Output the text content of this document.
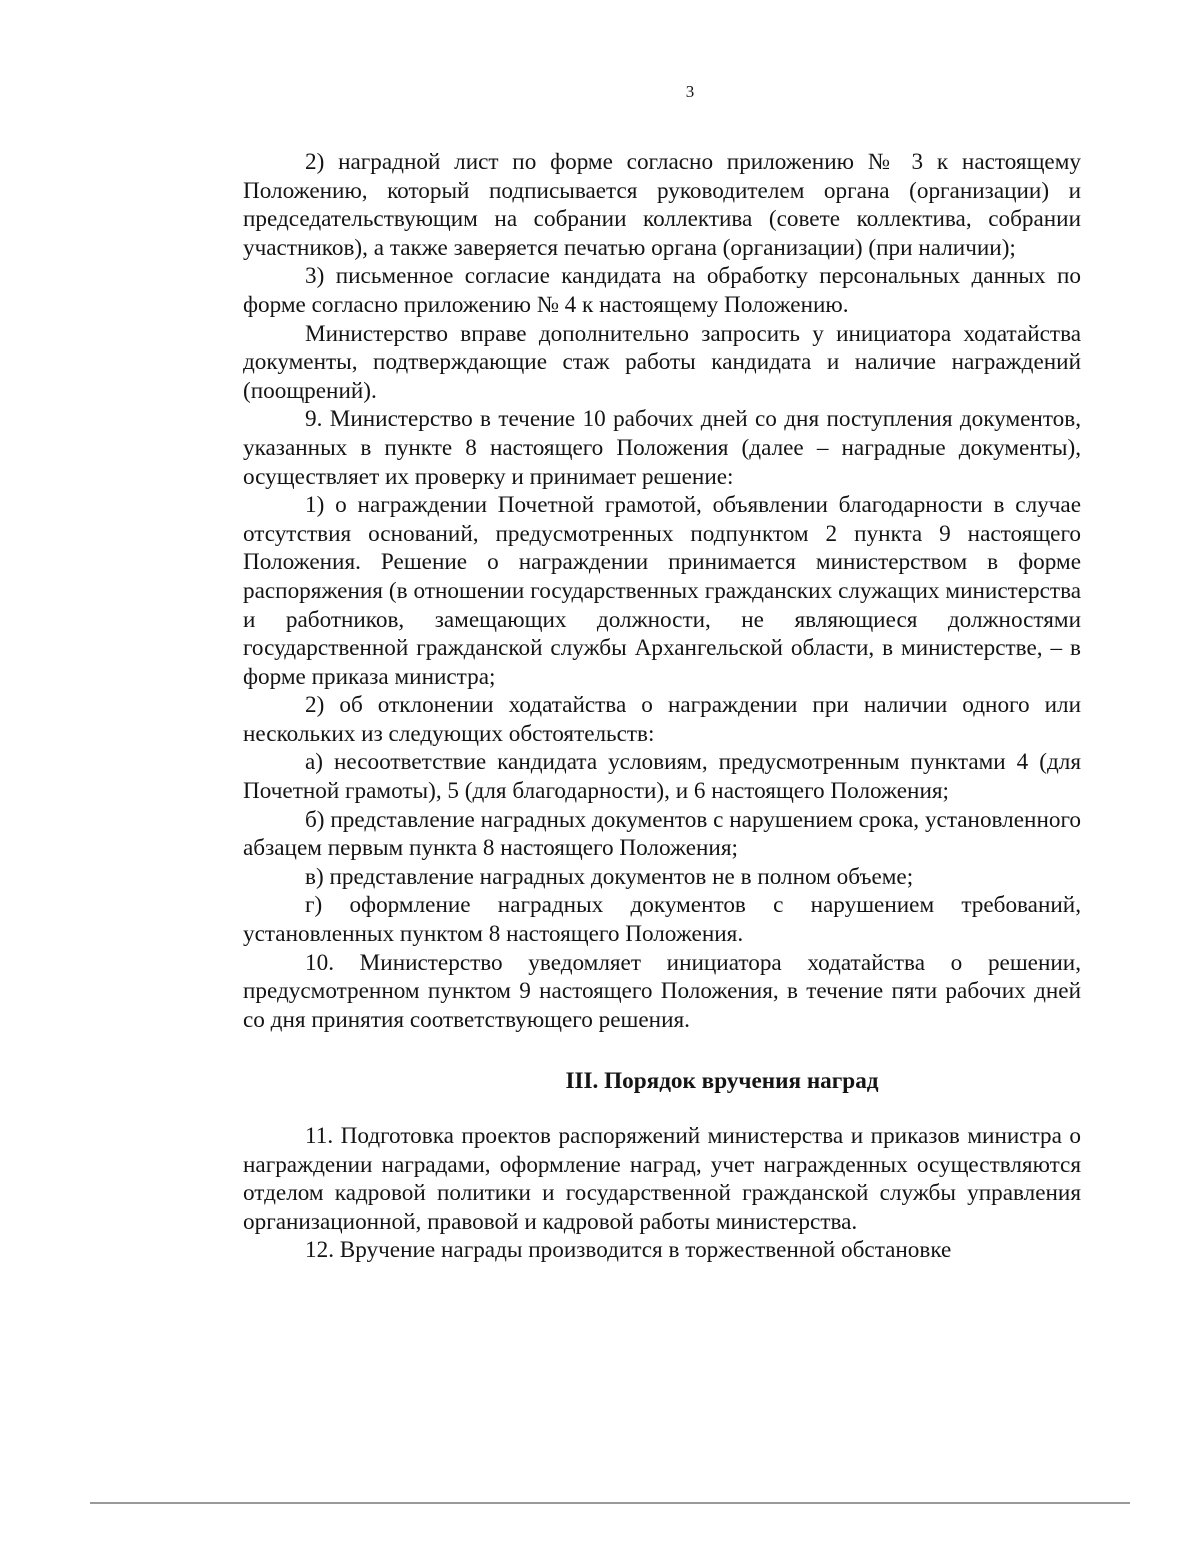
3

2) наградной лист по форме согласно приложению № 3 к настоящему Положению, который подписывается руководителем органа (организации) и председательствующим на собрании коллектива (совете коллектива, собрании участников), а также заверяется печатью органа (организации) (при наличии);

3) письменное согласие кандидата на обработку персональных данных по форме согласно приложению № 4 к настоящему Положению.

Министерство вправе дополнительно запросить у инициатора ходатайства документы, подтверждающие стаж работы кандидата и наличие награждений (поощрений).

9. Министерство в течение 10 рабочих дней со дня поступления документов, указанных в пункте 8 настоящего Положения (далее – наградные документы), осуществляет их проверку и принимает решение:

1) о награждении Почетной грамотой, объявлении благодарности в случае отсутствия оснований, предусмотренных подпунктом 2 пункта 9 настоящего Положения. Решение о награждении принимается министерством в форме распоряжения (в отношении государственных гражданских служащих министерства и работников, замещающих должности, не являющиеся должностями государственной гражданской службы Архангельской области, в министерстве, – в форме приказа министра;

2) об отклонении ходатайства о награждении при наличии одного или нескольких из следующих обстоятельств:

а) несоответствие кандидата условиям, предусмотренным пунктами 4 (для Почетной грамоты), 5 (для благодарности), и 6 настоящего Положения;

б) представление наградных документов с нарушением срока, установленного абзацем первым пункта 8 настоящего Положения;

в) представление наградных документов не в полном объеме;

г) оформление наградных документов с нарушением требований, установленных пунктом 8 настоящего Положения.

10. Министерство уведомляет инициатора ходатайства о решении, предусмотренном пунктом 9 настоящего Положения, в течение пяти рабочих дней со дня принятия соответствующего решения.

III. Порядок вручения наград

11. Подготовка проектов распоряжений министерства и приказов министра о награждении наградами, оформление наград, учет награжденных осуществляются отделом кадровой политики и государственной гражданской службы управления организационной, правовой и кадровой работы министерства.

12. Вручение награды производится в торжественной обстановке
